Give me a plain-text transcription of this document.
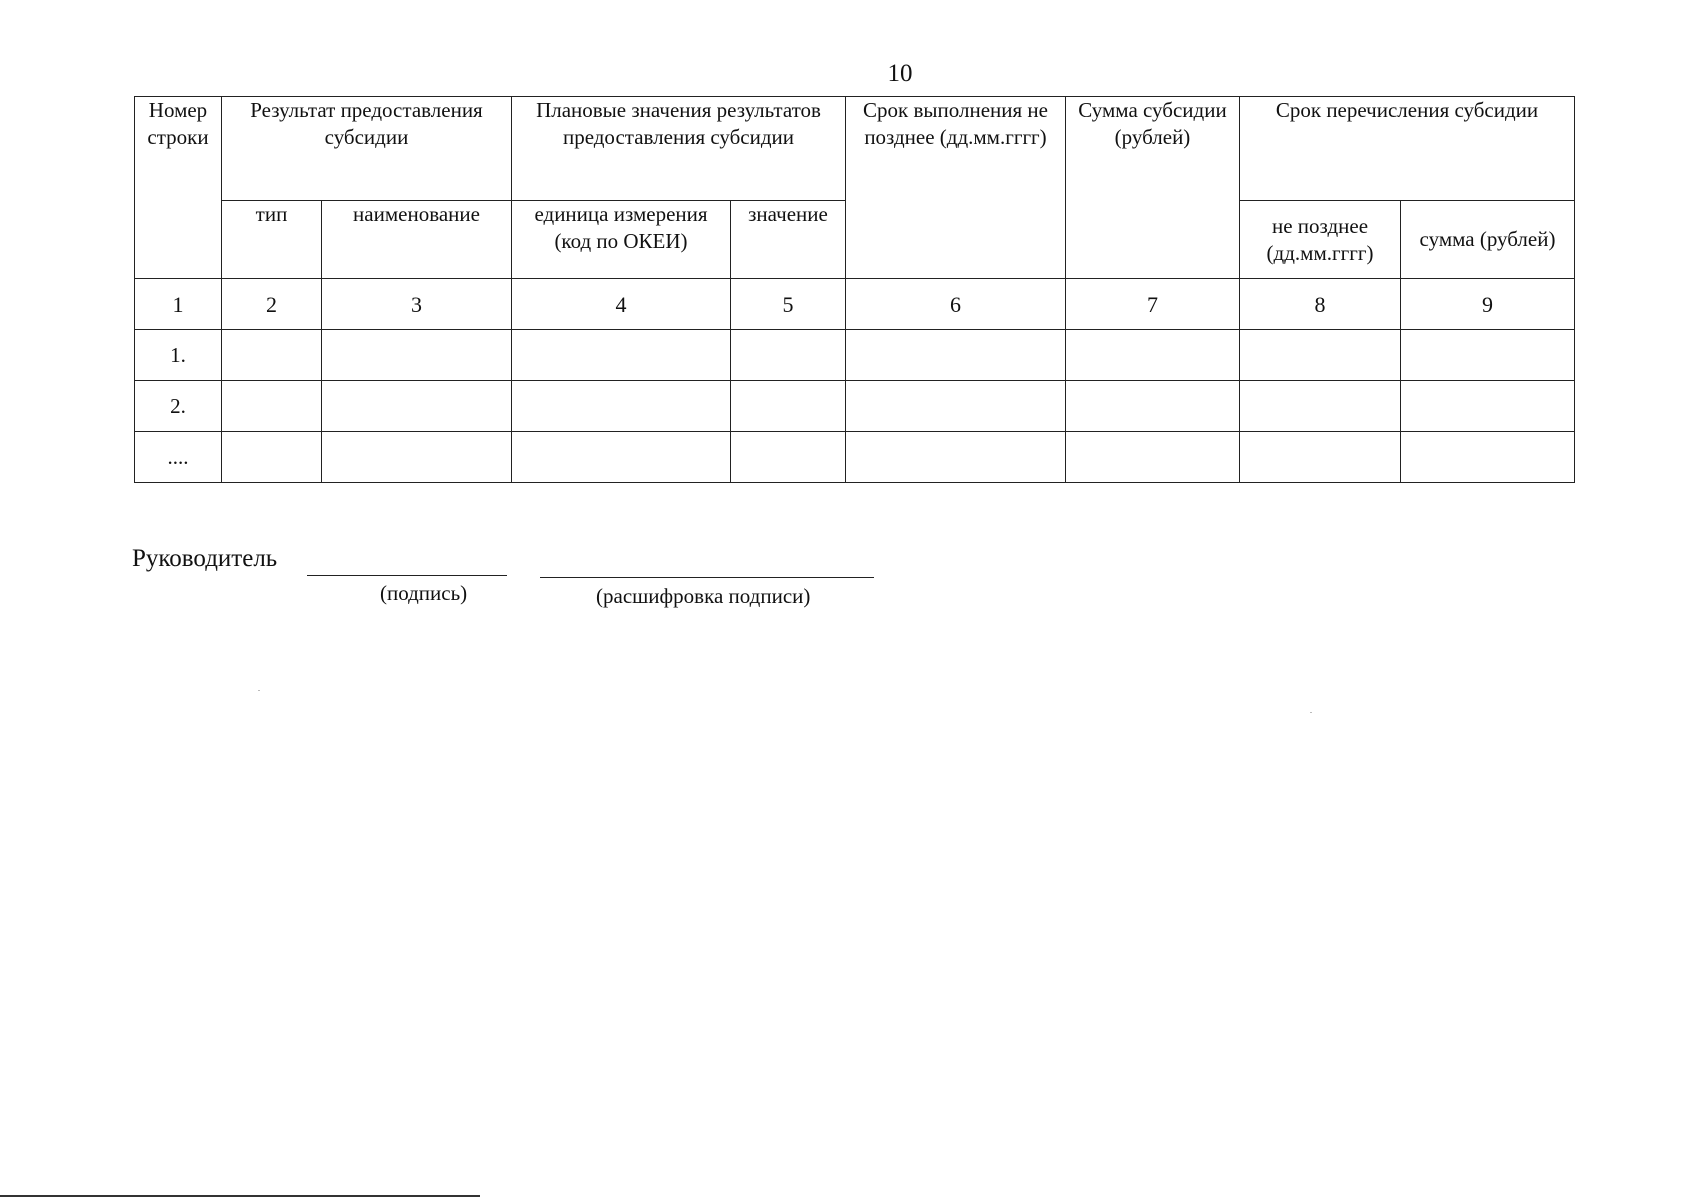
10
Номер строки	Результат предоставления субсидии		Плановые значения результатов предоставления субсидии		Срок выполнения не позднее (дд.мм.гггг)	Сумма субсидии (рублей)	Срок перечисления субсидии	
	тип	наименование	единица измерения (код по ОКЕИ)	значение			не позднее (дд.мм.гггг)	сумма (рублей)
1	2	3	4	5	6	7	8	9
1.								
2.								
....								
Руководитель
(подпись)	(расшифровка подписи)
